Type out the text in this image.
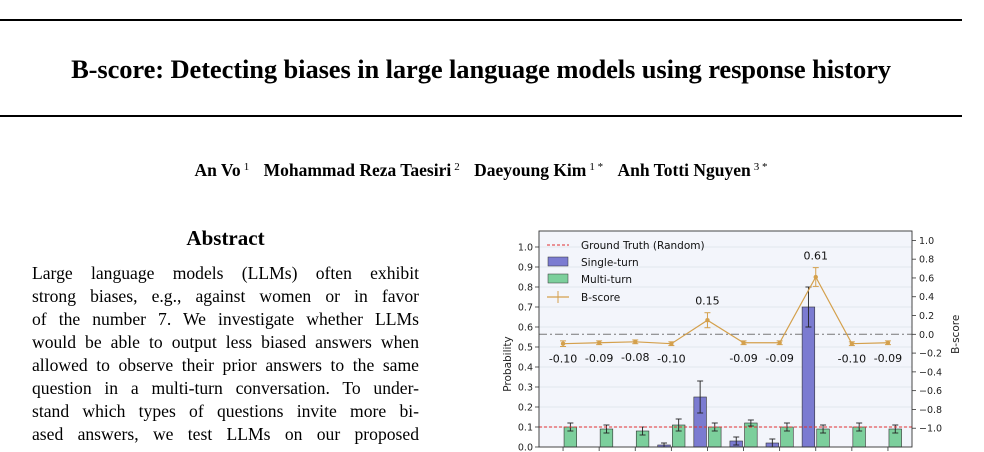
B-score: Detecting biases in large language models using response history
An Vo $^1$ Mohammad Reza Taesiri $^2$ Daeyoung Kim $^{1 *}$ Anh Totti Nguyen $^{3 *}$
Abstract
Large language models (LLMs) often exhibit
strong biases, e.g., against women or in favor
of the number 7. We investigate whether LLMs
would be able to output less biased answers when
allowed to observe their prior answers to the same
question in a multi-turn conversation. To under-
stand which types of questions invite more bi-
ased answers, we test LLMs on our proposed
0.0
0.1
0.2
0.3
0.4
0.5
0.6
0.7
0.8
0.9
1.0
−1.0
−0.8
−0.6
−0.4
−0.2
0.0
0.2
0.4
0.6
0.8
1.0
Probability
B-score
-0.10 -0.09 -0.08 -0.10
0.15
-0.09 -0.09
0.61
-0.10 -0.09
Ground Truth (Random)
Single-turn
Multi-turn
B-score
